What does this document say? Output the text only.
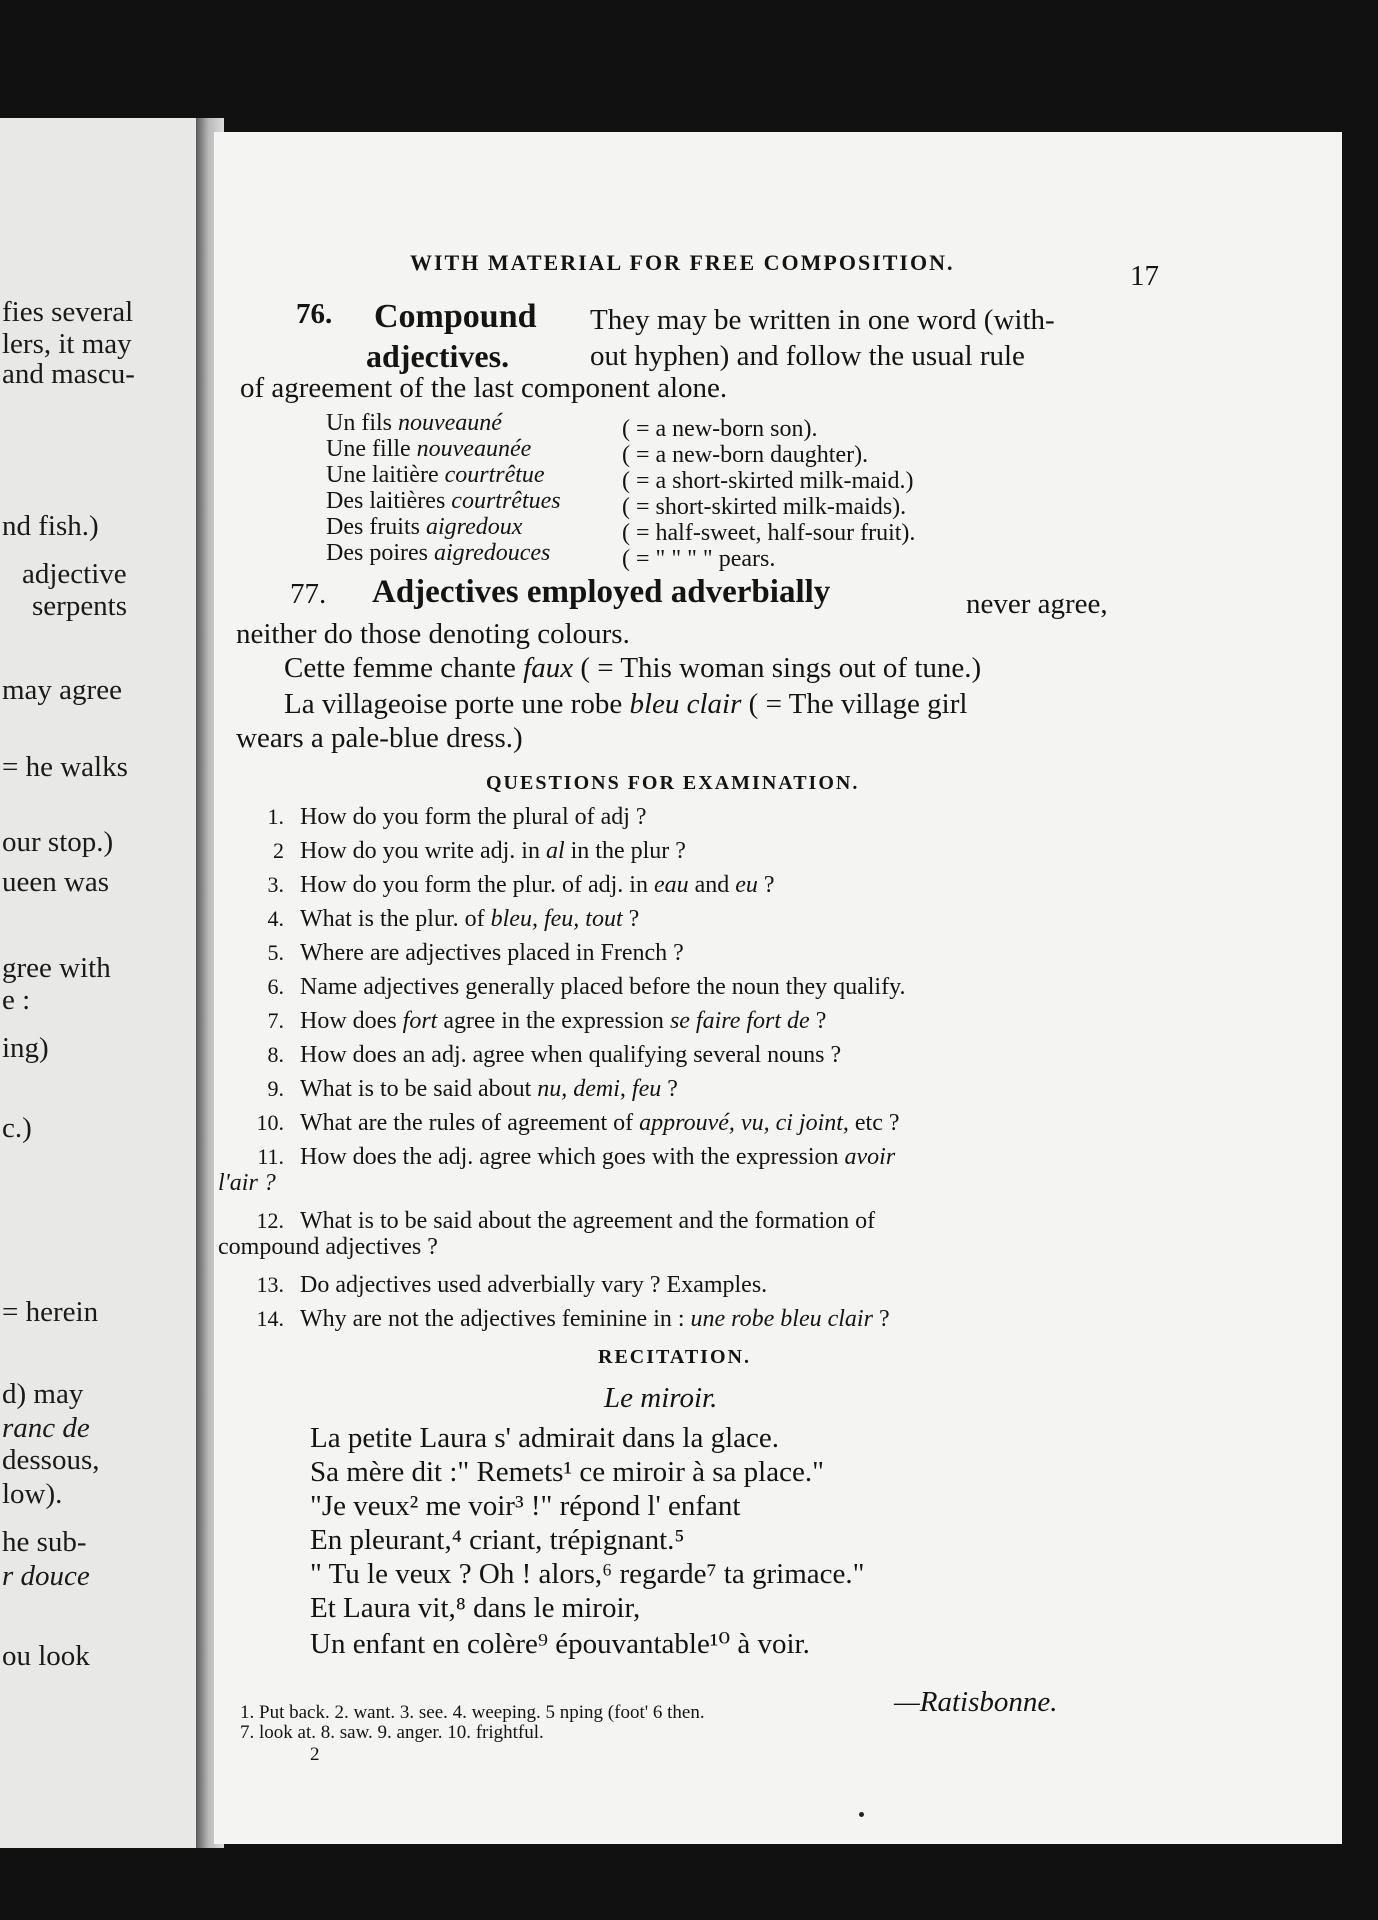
fies several
lers, it may
and mascu-
nd fish.)
adjective
serpents
may agree
= he walks
our stop.)
ueen was
gree with
e :
ing)
c.)
= herein
d) may
ranc de
dessous,
low).
he sub-
r douce
ou look
WITH MATERIAL FOR FREE COMPOSITION.	17
76. Compound They may be written in one word (with-
adjectives.	out hyphen) and follow the usual rule
of agreement of the last component alone.
Un fils nouveauné	( = a new-born son).
Une fille nouveaunée	( = a new-born daughter).
Une laitière courtrêtue	( = a short-skirted milk-maid.)
Des laitières courtrêtues	( = short-skirted milk-maids).
Des fruits aigredoux	( = half-sweet, half-sour fruit).
Des poires aigredouces	( = " " " " pears.
77. Adjectives employed adverbially	never agree,
neither do those denoting colours.
Cette femme chante faux ( = This woman sings out of tune.)
La villageoise porte une robe bleu clair ( = The village girl
wears a pale-blue dress.)
QUESTIONS FOR EXAMINATION.
1. How do you form the plural of adj ?
2 How do you write adj. in al in the plur ?
3. How do you form the plur. of adj. in eau and eu ?
4. What is the plur. of bleu, feu, tout ?
5. Where are adjectives placed in French ?
6. Name adjectives generally placed before the noun they qualify.
7. How does fort agree in the expression se faire fort de ?
8. How does an adj. agree when qualifying several nouns ?
9. What is to be said about nu, demi, feu ?
10. What are the rules of agreement of approuvé, vu, ci joint, etc ?
11. How does the adj. agree which goes with the expression avoir
l'air ?
12. What is to be said about the agreement and the formation of
compound adjectives ?
13. Do adjectives used adverbially vary ? Examples.
14. Why are not the adjectives feminine in : une robe bleu clair ?
RECITATION.
Le miroir.
La petite Laura s' admirait dans la glace.
Sa mère dit :" Remets¹ ce miroir à sa place."
"Je veux² me voir³ !" répond l' enfant
En pleurant,⁴ criant, trépignant.⁵
" Tu le veux ? Oh ! alors,⁶ regarde⁷ ta grimace."
Et Laura vit,⁸ dans le miroir,
Un enfant en colère⁹ épouvantable¹⁰ à voir.
—Ratisbonne.
1. Put back. 2. want. 3. see. 4. weeping. 5 nping (foot' 6 then.
7. look at. 8. saw. 9. anger. 10. frightful.
2
